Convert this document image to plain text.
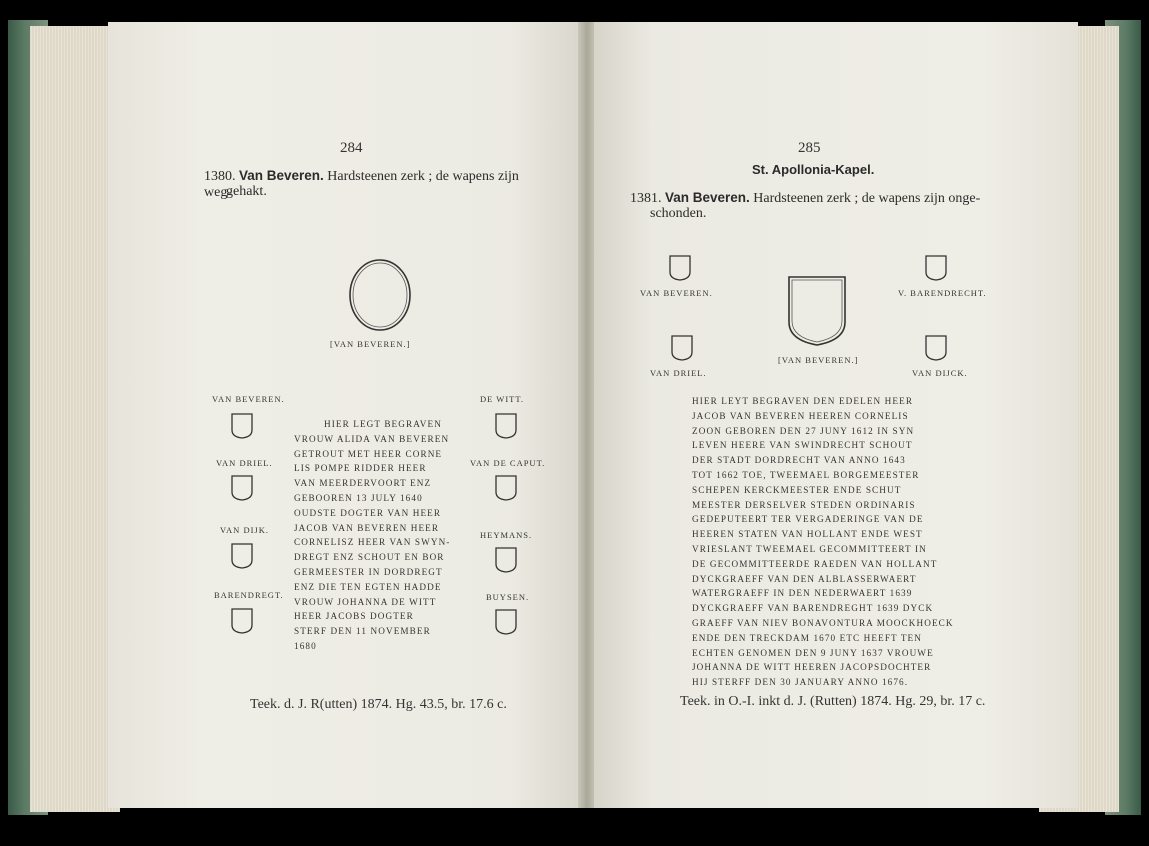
284
1380. Van Beveren. Hardsteenen zerk ; de wapens zijn weg-
gehakt.
[VAN BEVEREN.]
VAN BEVEREN.
VAN DRIEL.
VAN DIJK.
BARENDREGT.
DE WITT.
VAN DE CAPUT.
HEYMANS.
BUYSEN.
HIER LEGT BEGRAVEN
VROUW ALIDA VAN BEVEREN
GETROUT MET HEER CORNE
LIS POMPE RIDDER HEER
VAN MEERDERVOORT ENZ
GEBOOREN 13 JULY 1640
OUDSTE DOGTER VAN HEER
JACOB VAN BEVEREN HEER
CORNELISZ HEER VAN SWYN-
DREGT ENZ SCHOUT EN BOR
GERMEESTER IN DORDREGT
ENZ DIE TEN EGTEN HADDE
VROUW JOHANNA DE WITT
HEER JACOBS DOGTER
STERF DEN 11 NOVEMBER
1680
Teek. d. J. R(utten) 1874. Hg. 43.5, br. 17.6 c.
285
St. Apollonia-Kapel.
1381. Van Beveren. Hardsteenen zerk ; de wapens zijn onge-
schonden.
VAN BEVEREN.	V. BARENDRECHT.
[VAN BEVEREN.]
VAN DRIEL.	VAN DIJCK.
HIER LEYT BEGRAVEN DEN EDELEN HEER
JACOB VAN BEVEREN HEEREN CORNELIS
ZOON GEBOREN DEN 27 JUNY 1612 IN SYN
LEVEN HEERE VAN SWINDRECHT SCHOUT
DER STADT DORDRECHT VAN ANNO 1643
TOT 1662 TOE, TWEEMAEL BORGEMEESTER
SCHEPEN KERCKMEESTER ENDE SCHUT
MEESTER DERSELVER STEDEN ORDINARIS
GEDEPUTEERT TER VERGADERINGE VAN DE
HEEREN STATEN VAN HOLLANT ENDE WEST
VRIESLANT TWEEMAEL GECOMMITTEERT IN
DE GECOMMITTEERDE RAEDEN VAN HOLLANT
DYCKGRAEFF VAN DEN ALBLASSERWAERT
WATERGRAEFF IN DEN NEDERWAERT 1639
DYCKGRAEFF VAN BARENDREGHT 1639 DYCK
GRAEFF VAN NIEV BONAVONTURA MOOCKHOECK
ENDE DEN TRECKDAM 1670 ETC HEEFT TEN
ECHTEN GENOMEN DEN 9 JUNY 1637 VROUWE
JOHANNA DE WITT HEEREN JACOPSDOCHTER
HIJ STERFF DEN 30 JANUARY ANNO 1676.
Teek. in O.-I. inkt d. J. (Rutten) 1874. Hg. 29, br. 17 c.
